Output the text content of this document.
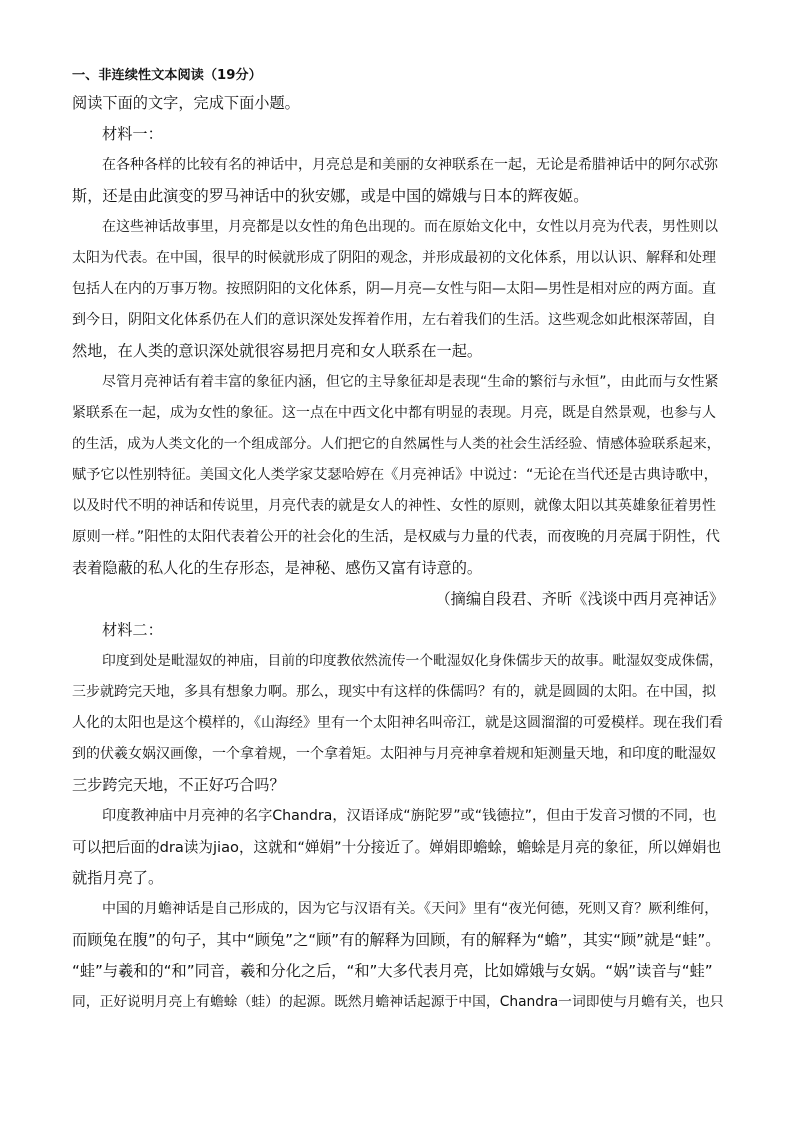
一、非连续性文本阅读（19分）

阅读下面的文字，完成下面小题。

材料一：

在各种各样的比较有名的神话中，月亮总是和美丽的女神联系在一起，无论是希腊神话中的阿尔忒弥

斯，还是由此演变的罗马神话中的狄安娜，或是中国的嫦娥与日本的辉夜姬。

在这些神话故事里，月亮都是以女性的角色出现的。而在原始文化中，女性以月亮为代表，男性则以

太阳为代表。在中国，很早的时候就形成了阴阳的观念，并形成最初的文化体系，用以认识、解释和处理

包括人在内的万事万物。按照阴阳的文化体系，阴—月亮—女性与阳—太阳—男性是相对应的两方面。直

到今日，阴阳文化体系仍在人们的意识深处发挥着作用，左右着我们的生活。这些观念如此根深蒂固，自

然地，在人类的意识深处就很容易把月亮和女人联系在一起。

尽管月亮神话有着丰富的象征内涵，但它的主导象征却是表现“生命的繁衍与永恒”，由此而与女性紧

紧联系在一起，成为女性的象征。这一点在中西文化中都有明显的表现。月亮，既是自然景观，也参与人

的生活，成为人类文化的一个组成部分。人们把它的自然属性与人类的社会生活经验、情感体验联系起来，

赋予它以性别特征。美国文化人类学家艾瑟哈婷在《月亮神话》中说过：“无论在当代还是古典诗歌中，

以及时代不明的神话和传说里，月亮代表的就是女人的神性、女性的原则，就像太阳以其英雄象征着男性

原则一样。”阳性的太阳代表着公开的社会化的生活，是权威与力量的代表，而夜晚的月亮属于阴性，代

表着隐蔽的私人化的生存形态，是神秘、感伤又富有诗意的。

（摘编自段君、齐昕《浅谈中西月亮神话》

材料二：

印度到处是毗湿奴的神庙，目前的印度教依然流传一个毗湿奴化身侏儒步天的故事。毗湿奴变成侏儒，

三步就跨完天地，多具有想象力啊。那么，现实中有这样的侏儒吗？有的，就是圆圆的太阳。在中国，拟

人化的太阳也是这个模样的，《山海经》里有一个太阳神名叫帝江，就是这圆溜溜的可爱模样。现在我们看

到的伏羲女娲汉画像，一个拿着规，一个拿着矩。太阳神与月亮神拿着规和矩测量天地，和印度的毗湿奴

三步跨完天地，不正好巧合吗？

印度教神庙中月亮神的名字Chandra，汉语译成“旃陀罗”或“钱德拉”，但由于发音习惯的不同，也

可以把后面的dra读为jiao，这就和“婵娟”十分接近了。婵娟即蟾蜍，蟾蜍是月亮的象征，所以婵娟也

就指月亮了。

中国的月蟾神话是自己形成的，因为它与汉语有关。《天问》里有“夜光何德，死则又育？厥利维何，

而顾兔在腹”的句子，其中“顾兔”之“顾”有的解释为回顾，有的解释为“蟾”，其实“顾”就是“蛙”。

“蛙”与羲和的“和”同音，羲和分化之后，“和”大多代表月亮，比如嫦娥与女娲。“娲”读音与“蛙”

同，正好说明月亮上有蟾蜍（蛙）的起源。既然月蟾神话起源于中国，Chandra一词即使与月蟾有关，也只
